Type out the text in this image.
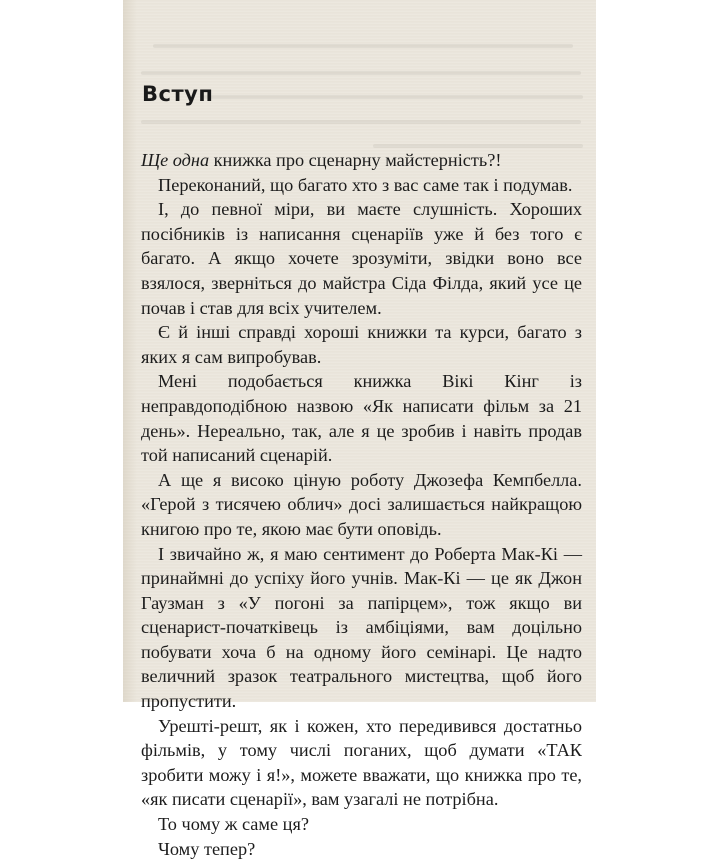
Вступ

Ще одна книжка про сценарну майстерність?!

Переконаний, що багато хто з вас саме так і подумав.

І, до певної міри, ви маєте слушність. Хороших посібників із написання сценаріїв уже й без того є багато. А якщо хочете зрозуміти, звідки воно все взялося, зверніться до майстра Сіда Філда, який усе це почав і став для всіх учителем.

Є й інші справді хороші книжки та курси, багато з яких я сам випробував.

Мені подобається книжка Вікі Кінг із неправдоподібною назвою «Як написати фільм за 21 день». Нереально, так, але я це зробив і навіть продав той написаний сценарій.

А ще я високо ціную роботу Джозефа Кемпбелла. «Герой з тисячею облич» досі залишається найкращою книгою про те, якою має бути оповідь.

І звичайно ж, я маю сентимент до Роберта Мак-Кі — принаймні до успіху його учнів. Мак-Кі — це як Джон Гаузман з «У погоні за папірцем», тож якщо ви сценарист-початківець із амбіціями, вам доцільно побувати хоча б на одному його семінарі. Це надто величний зразок театрального мистецтва, щоб його пропустити.

Урешті-решт, як і кожен, хто передивився достатньо фільмів, у тому числі поганих, щоб думати «ТАК зробити можу і я!», можете вважати, що книжка про те, «як писати сценарії», вам узагалі не потрібна.

То чому ж саме ця?

Чому тепер?
